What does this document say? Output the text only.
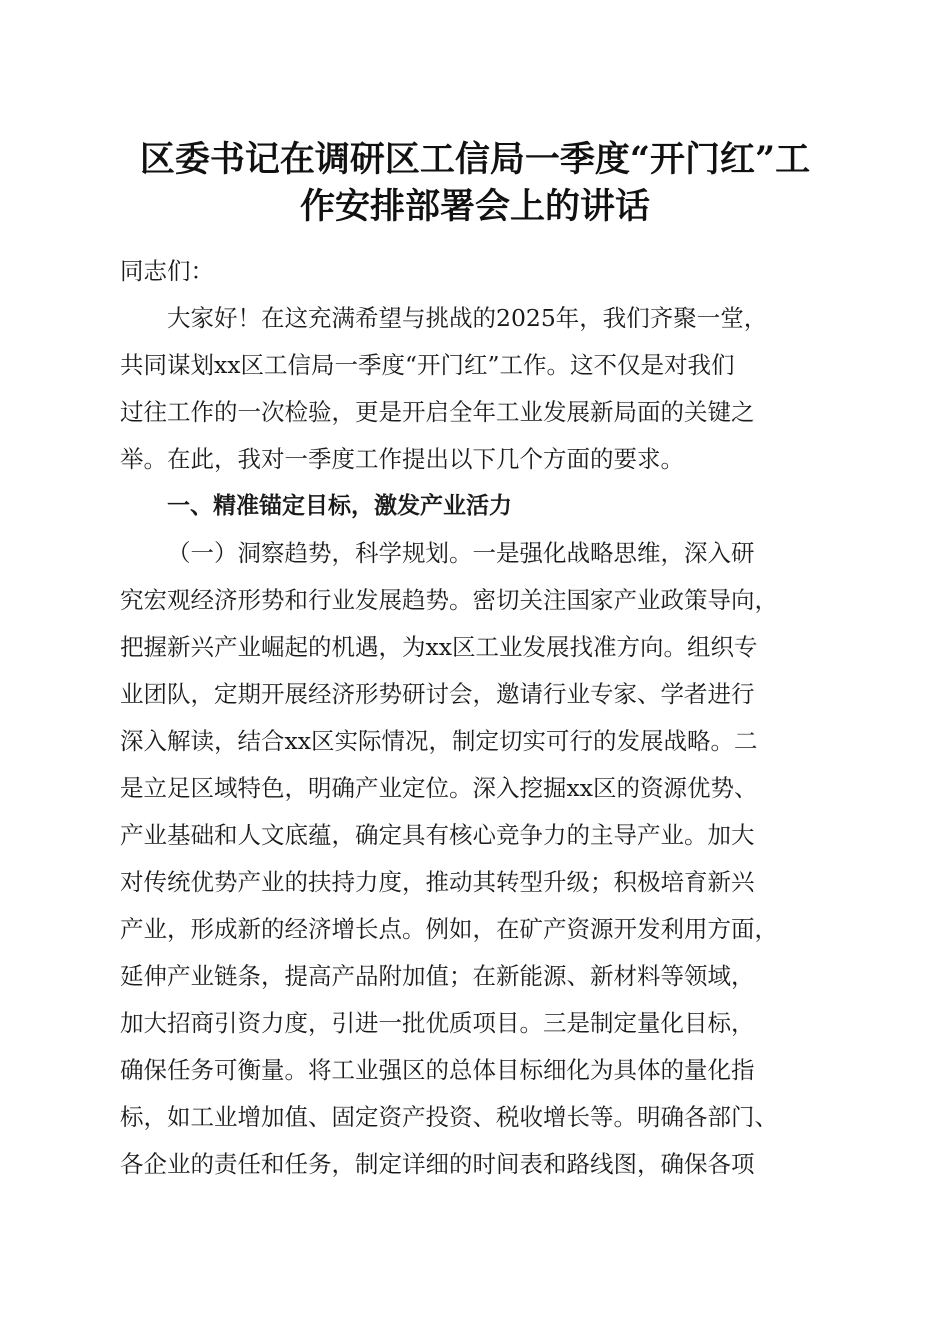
区委书记在调研区工信局一季度“开门红”工
作安排部署会上的讲话
同志们：
大家好！在这充满希望与挑战的2025年，我们齐聚一堂，
共同谋划xx区工信局一季度“开门红”工作。这不仅是对我们
过往工作的一次检验，更是开启全年工业发展新局面的关键之
举。在此，我对一季度工作提出以下几个方面的要求。
一、精准锚定目标，激发产业活力
（一）洞察趋势，科学规划。一是强化战略思维，深入研
究宏观经济形势和行业发展趋势。密切关注国家产业政策导向，
把握新兴产业崛起的机遇，为xx区工业发展找准方向。组织专
业团队，定期开展经济形势研讨会，邀请行业专家、学者进行
深入解读，结合xx区实际情况，制定切实可行的发展战略。二
是立足区域特色，明确产业定位。深入挖掘xx区的资源优势、
产业基础和人文底蕴，确定具有核心竞争力的主导产业。加大
对传统优势产业的扶持力度，推动其转型升级；积极培育新兴
产业，形成新的经济增长点。例如，在矿产资源开发利用方面，
延伸产业链条，提高产品附加值；在新能源、新材料等领域，
加大招商引资力度，引进一批优质项目。三是制定量化目标，
确保任务可衡量。将工业强区的总体目标细化为具体的量化指
标，如工业增加值、固定资产投资、税收增长等。明确各部门、
各企业的责任和任务，制定详细的时间表和路线图，确保各项
